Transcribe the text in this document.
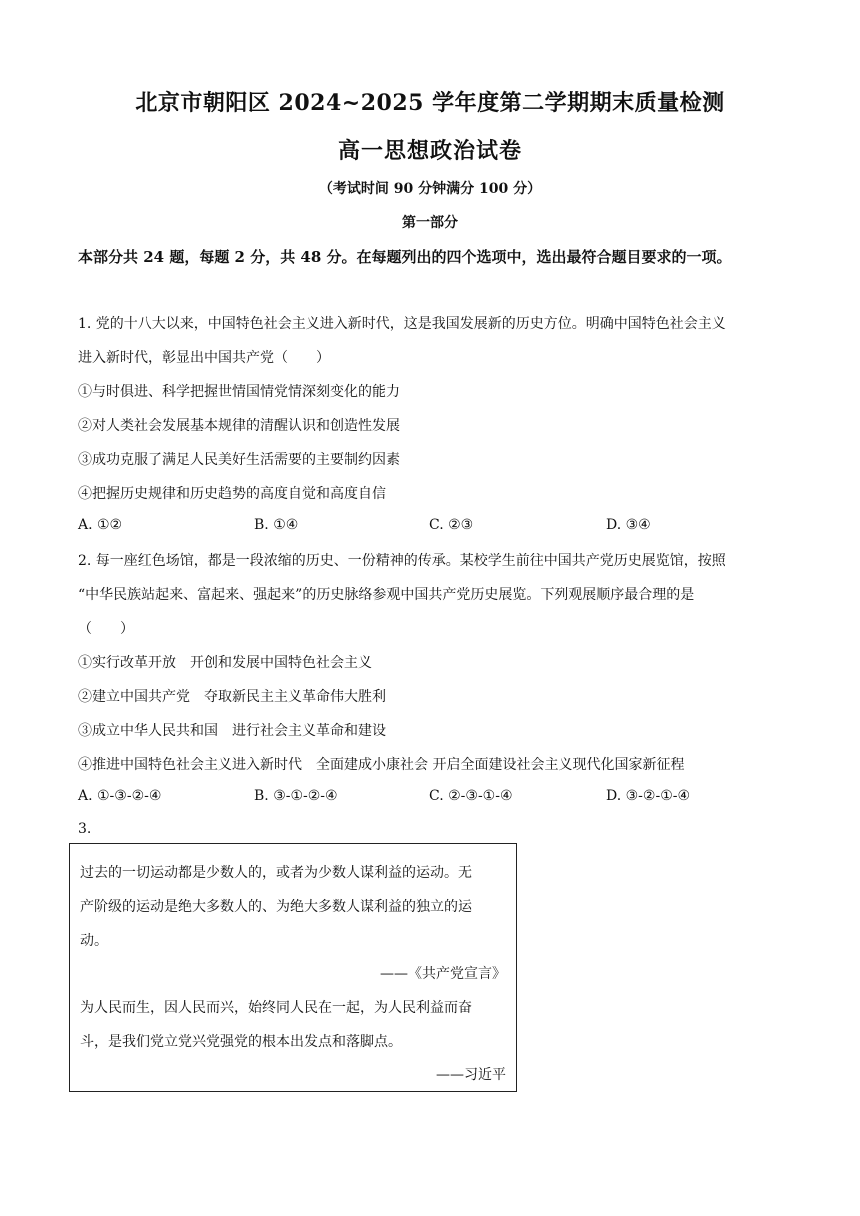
北京市朝阳区 2024~2025 学年度第二学期期末质量检测
高一思想政治试卷
（考试时间 90 分钟满分 100 分）
第一部分
本部分共 24 题，每题 2 分，共 48 分。在每题列出的四个选项中，选出最符合题目要求的一项。
1. 党的十八大以来，中国特色社会主义进入新时代，这是我国发展新的历史方位。明确中国特色社会主义
进入新时代，彰显出中国共产党（　　）
①与时俱进、科学把握世情国情党情深刻变化的能力
②对人类社会发展基本规律的清醒认识和创造性发展
③成功克服了满足人民美好生活需要的主要制约因素
④把握历史规律和历史趋势的高度自觉和高度自信
A. ①②	B. ①④	C. ②③	D. ③④
2. 每一座红色场馆，都是一段浓缩的历史、一份精神的传承。某校学生前往中国共产党历史展览馆，按照
“中华民族站起来、富起来、强起来”的历史脉络参观中国共产党历史展览。下列观展顺序最合理的是
（　　）
①实行改革开放　开创和发展中国特色社会主义
②建立中国共产党　夺取新民主主义革命伟大胜利
③成立中华人民共和国　进行社会主义革命和建设
④推进中国特色社会主义进入新时代　全面建成小康社会 开启全面建设社会主义现代化国家新征程
A. ①-③-②-④	B. ③-①-②-④	C. ②-③-①-④	D. ③-②-①-④
3.
过去的一切运动都是少数人的，或者为少数人谋利益的运动。无
产阶级的运动是绝大多数人的、为绝大多数人谋利益的独立的运
动。
——《共产党宣言》
为人民而生，因人民而兴，始终同人民在一起，为人民利益而奋
斗，是我们党立党兴党强党的根本出发点和落脚点。
——习近平
